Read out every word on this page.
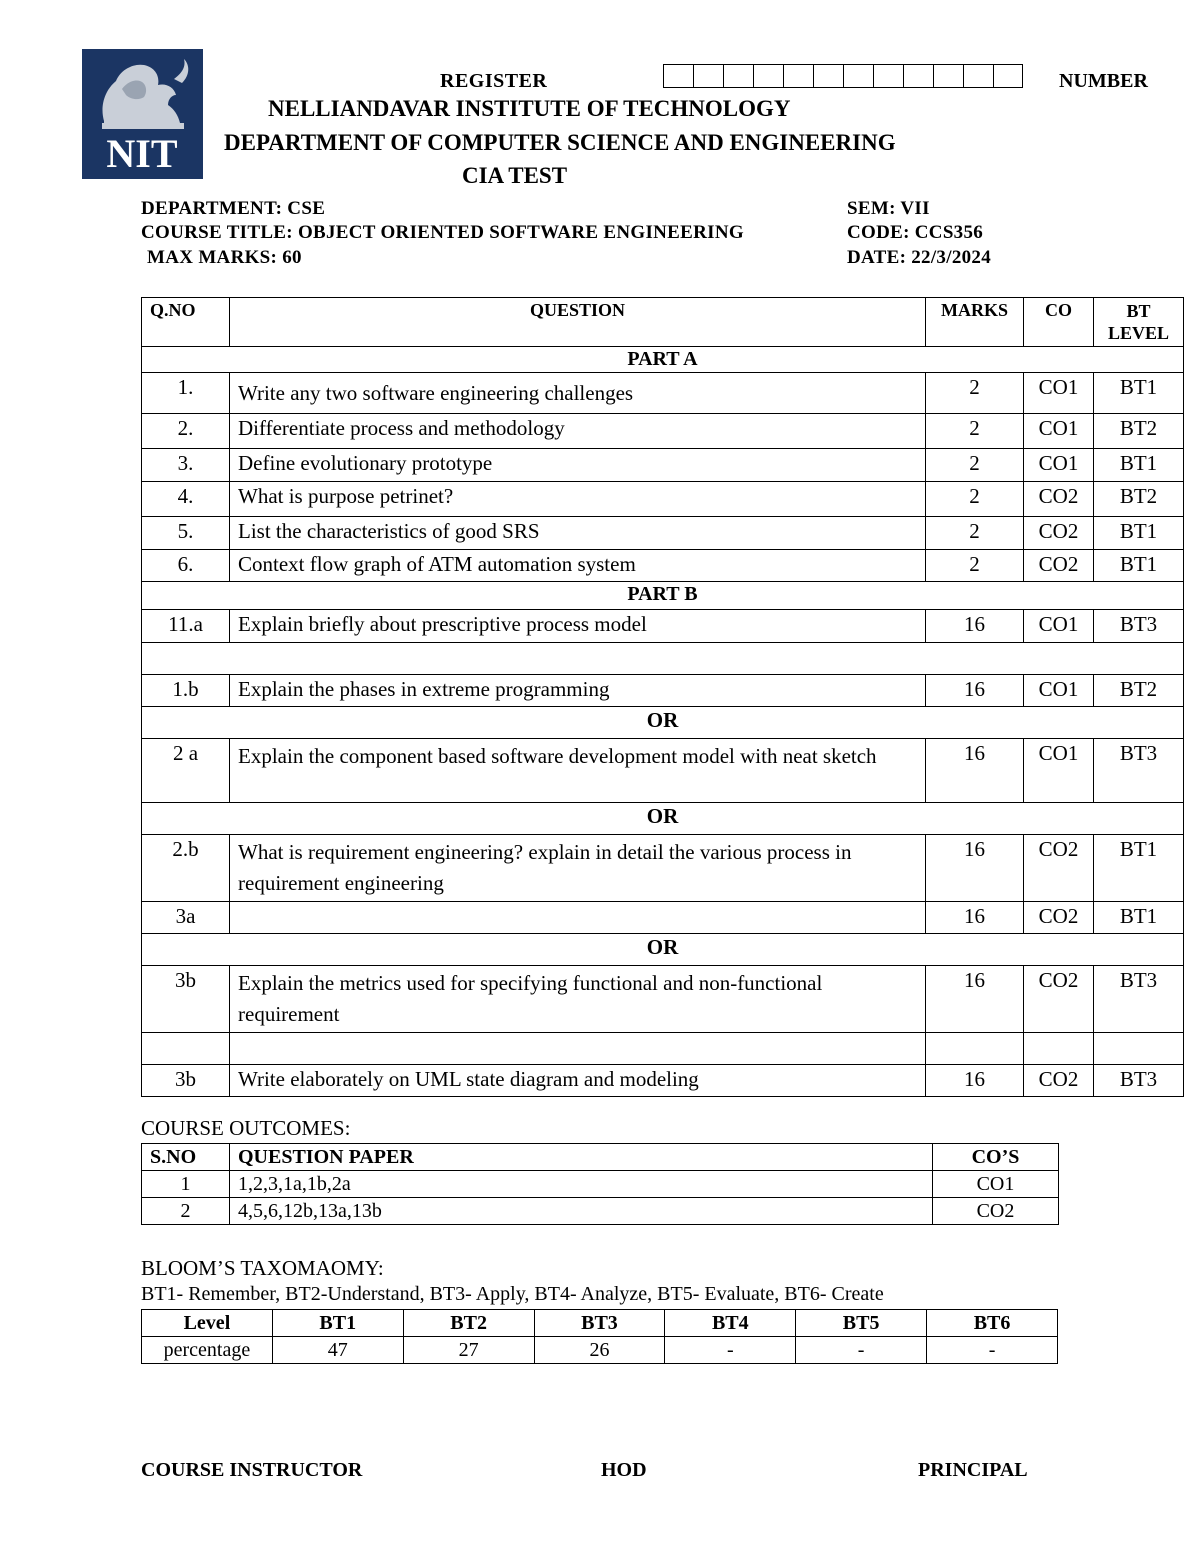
NIT
REGISTER	NUMBER
NELLIANDAVAR INSTITUTE OF TECHNOLOGY
DEPARTMENT OF COMPUTER SCIENCE AND ENGINEERING
CIA TEST
DEPARTMENT: CSE
COURSE TITLE: OBJECT ORIENTED SOFTWARE ENGINEERING
MAX MARKS: 60
SEM: VII
CODE: CCS356
DATE: 22/3/2024
Q.NO	QUESTION	MARKS	CO	BT LEVEL
PART A				
1.	Write any two software engineering challenges	2	CO1	BT1
2.	Differentiate process and methodology	2	CO1	BT2
3.	Define evolutionary prototype	2	CO1	BT1
4.	What is purpose petrinet?	2	CO2	BT2
5.	List the characteristics of good SRS	2	CO2	BT1
6.	Context flow graph of ATM automation system	2	CO2	BT1
PART B				
11.a	Explain briefly about prescriptive process model	16	CO1	BT3

1.b	Explain the phases in extreme programming	16	CO1	BT2
OR				
2 a	Explain the component based software development model with neat sketch	16	CO1	BT3
OR				
2.b	What is requirement engineering? explain in detail the various process in requirement engineering	16	CO2	BT1
3a		16	CO2	BT1
OR				
3b	Explain the metrics used for specifying functional and non-functional requirement	16	CO2	BT3

3b	Write elaborately on UML state diagram and modeling	16	CO2	BT3
COURSE OUTCOMES:
S.NO	QUESTION PAPER	CO’S
1	1,2,3,1a,1b,2a	CO1
2	4,5,6,12b,13a,13b	CO2
BLOOM’S TAXOMAOMY:
BT1- Remember, BT2-Understand, BT3- Apply, BT4- Analyze, BT5- Evaluate, BT6- Create
Level	BT1	BT2	BT3	BT4	BT5	BT6
percentage	47	27	26	-	-	-
COURSE INSTRUCTOR	HOD	PRINCIPAL
